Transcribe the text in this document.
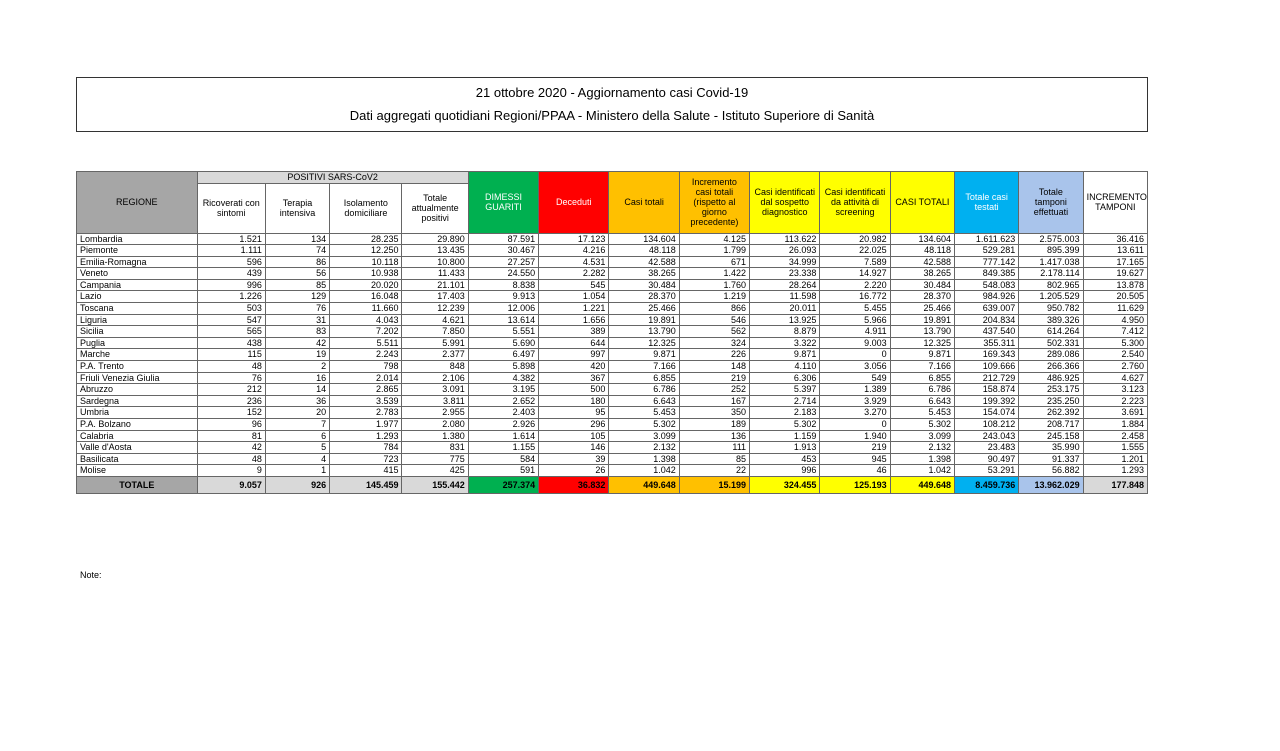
21 ottobre 2020 - Aggiornamento casi Covid-19
Dati aggregati quotidiani Regioni/PPAA - Ministero della Salute - Istituto Superiore di Sanità
REGIONE	POSITIVI SARS-CoV2				DIMESSI GUARITI	Deceduti	Casi totali	Incremento casi totali (rispetto al giorno precedente)	Casi identificati dal sospetto diagnostico	Casi identificati da attività di screening	CASI TOTALI	Totale casi testati	Totale tamponi effettuati	INCREMENTO TAMPONI
	Ricoverati con sintomi	Terapia intensiva	Isolamento domiciliare	Totale attualmente positivi										
Lombardia	1.521	134	28.235	29.890	87.591	17.123	134.604	4.125	113.622	20.982	134.604	1.611.623	2.575.003	36.416
Piemonte	1.111	74	12.250	13.435	30.467	4.216	48.118	1.799	26.093	22.025	48.118	529.281	895.399	13.611
Emilia-Romagna	596	86	10.118	10.800	27.257	4.531	42.588	671	34.999	7.589	42.588	777.142	1.417.038	17.165
Veneto	439	56	10.938	11.433	24.550	2.282	38.265	1.422	23.338	14.927	38.265	849.385	2.178.114	19.627
Campania	996	85	20.020	21.101	8.838	545	30.484	1.760	28.264	2.220	30.484	548.083	802.965	13.878
Lazio	1.226	129	16.048	17.403	9.913	1.054	28.370	1.219	11.598	16.772	28.370	984.926	1.205.529	20.505
Toscana	503	76	11.660	12.239	12.006	1.221	25.466	866	20.011	5.455	25.466	639.007	950.782	11.629
Liguria	547	31	4.043	4.621	13.614	1.656	19.891	546	13.925	5.966	19.891	204.834	389.326	4.950
Sicilia	565	83	7.202	7.850	5.551	389	13.790	562	8.879	4.911	13.790	437.540	614.264	7.412
Puglia	438	42	5.511	5.991	5.690	644	12.325	324	3.322	9.003	12.325	355.311	502.331	5.300
Marche	115	19	2.243	2.377	6.497	997	9.871	226	9.871	0	9.871	169.343	289.086	2.540
P.A. Trento	48	2	798	848	5.898	420	7.166	148	4.110	3.056	7.166	109.666	266.366	2.760
Friuli Venezia Giulia	76	16	2.014	2.106	4.382	367	6.855	219	6.306	549	6.855	212.729	486.925	4.627
Abruzzo	212	14	2.865	3.091	3.195	500	6.786	252	5.397	1.389	6.786	158.874	253.175	3.123
Sardegna	236	36	3.539	3.811	2.652	180	6.643	167	2.714	3.929	6.643	199.392	235.250	2.223
Umbria	152	20	2.783	2.955	2.403	95	5.453	350	2.183	3.270	5.453	154.074	262.392	3.691
P.A. Bolzano	96	7	1.977	2.080	2.926	296	5.302	189	5.302	0	5.302	108.212	208.717	1.884
Calabria	81	6	1.293	1.380	1.614	105	3.099	136	1.159	1.940	3.099	243.043	245.158	2.458
Valle d'Aosta	42	5	784	831	1.155	146	2.132	111	1.913	219	2.132	23.483	35.990	1.555
Basilicata	48	4	723	775	584	39	1.398	85	453	945	1.398	90.497	91.337	1.201
Molise	9	1	415	425	591	26	1.042	22	996	46	1.042	53.291	56.882	1.293
TOTALE	9.057	926	145.459	155.442	257.374	36.832	449.648	15.199	324.455	125.193	449.648	8.459.736	13.962.029	177.848
Note:
